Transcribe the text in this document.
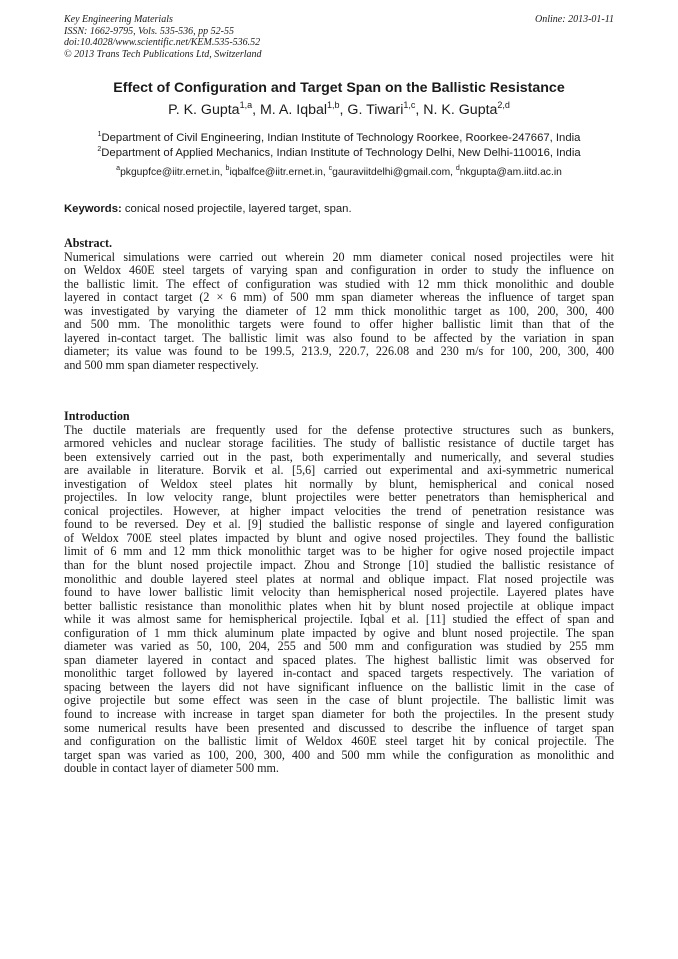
Key Engineering Materials
ISSN: 1662-9795, Vols. 535-536, pp 52-55
doi:10.4028/www.scientific.net/KEM.535-536.52
© 2013 Trans Tech Publications Ltd, Switzerland
Online: 2013-01-11
Effect of Configuration and Target Span on the Ballistic Resistance
P. K. Gupta$^{1,a}$, M. A. Iqbal$^{1,b}$, G. Tiwari$^{1,c}$, N. K. Gupta$^{2,d}$
$^1$Department of Civil Engineering, Indian Institute of Technology Roorkee, Roorkee-247667, India
$^2$Department of Applied Mechanics, Indian Institute of Technology Delhi, New Delhi-110016, India
$^a$pkgupfce@iitr.ernet.in, $^b$iqbalfce@iitr.ernet.in, $^c$gauraviitdelhi@gmail.com, $^d$nkgupta@am.iitd.ac.in
Keywords: conical nosed projectile, layered target, span.
Abstract.

Numerical simulations were carried out wherein 20 mm diameter conical nosed projectiles were hit
on Weldox 460E steel targets of varying span and configuration in order to study the influence on
the ballistic limit. The effect of configuration was studied with 12 mm thick monolithic and double
layered in contact target (2 × 6 mm) of 500 mm span diameter whereas the influence of target span
was investigated by varying the diameter of 12 mm thick monolithic target as 100, 200, 300, 400
and 500 mm. The monolithic targets were found to offer higher ballistic limit than that of the
layered in-contact target. The ballistic limit was also found to be affected by the variation in span
diameter; its value was found to be 199.5, 213.9, 220.7, 226.08 and 230 m/s for 100, 200, 300, 400
and 500 mm span diameter respectively.

Introduction

The ductile materials are frequently used for the defense protective structures such as bunkers,
armored vehicles and nuclear storage facilities. The study of ballistic resistance of ductile target has
been extensively carried out in the past, both experimentally and numerically, and several studies
are available in literature. Borvik et al. [5,6] carried out experimental and axi-symmetric numerical
investigation of Weldox steel plates hit normally by blunt, hemispherical and conical nosed
projectiles. In low velocity range, blunt projectiles were better penetrators than hemispherical and
conical projectiles. However, at higher impact velocities the trend of penetration resistance was
found to be reversed. Dey et al. [9] studied the ballistic response of single and layered configuration
of Weldox 700E steel plates impacted by blunt and ogive nosed projectiles. They found the ballistic
limit of 6 mm and 12 mm thick monolithic target was to be higher for ogive nosed projectile impact
than for the blunt nosed projectile impact. Zhou and Stronge [10] studied the ballistic resistance of
monolithic and double layered steel plates at normal and oblique impact. Flat nosed projectile was
found to have lower ballistic limit velocity than hemispherical nosed projectile. Layered plates have
better ballistic resistance than monolithic plates when hit by blunt nosed projectile at oblique impact
while it was almost same for hemispherical projectile. Iqbal et al. [11] studied the effect of span and
configuration of 1 mm thick aluminum plate impacted by ogive and blunt nosed projectile. The span
diameter was varied as 50, 100, 204, 255 and 500 mm and configuration was studied by 255 mm
span diameter layered in contact and spaced plates. The highest ballistic limit was observed for
monolithic target followed by layered in-contact and spaced targets respectively. The variation of
spacing between the layers did not have significant influence on the ballistic limit in the case of
ogive projectile but some effect was seen in the case of blunt projectile. The ballistic limit was
found to increase with increase in target span diameter for both the projectiles. In the present study
some numerical results have been presented and discussed to describe the influence of target span
and configuration on the ballistic limit of Weldox 460E steel target hit by conical projectile. The
target span was varied as 100, 200, 300, 400 and 500 mm while the configuration as monolithic and
double in contact layer of diameter 500 mm.
